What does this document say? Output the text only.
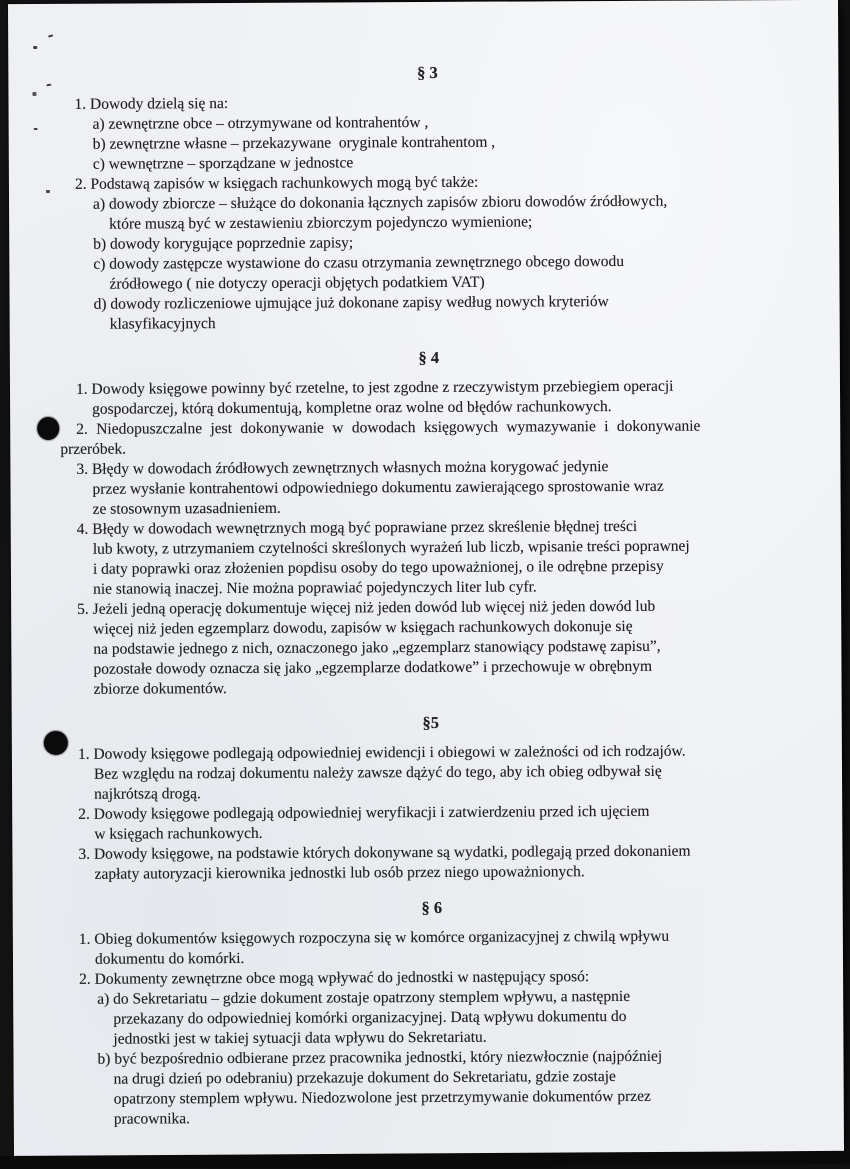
§ 3
1. Dowody dzielą się na:
a) zewnętrzne obce – otrzymywane od kontrahentów ,
b) zewnętrzne własne – przekazywane  oryginale kontrahentom ,
c) wewnętrzne – sporządzane w jednostce
2. Podstawą zapisów w księgach rachunkowych mogą być także:
a) dowody zbiorcze – służące do dokonania łącznych zapisów zbioru dowodów źródłowych,
które muszą być w zestawieniu zbiorczym pojedynczo wymienione;
b) dowody korygujące poprzednie zapisy;
c) dowody zastępcze wystawione do czasu otrzymania zewnętrznego obcego dowodu
źródłowego ( nie dotyczy operacji objętych podatkiem VAT)
d) dowody rozliczeniowe ujmujące już dokonane zapisy według nowych kryteriów
klasyfikacyjnych
§ 4
1. Dowody księgowe powinny być rzetelne, to jest zgodne z rzeczywistym przebiegiem operacji
gospodarczej, którą dokumentują, kompletne oraz wolne od błędów rachunkowych.
2. Niedopuszczalne jest dokonywanie w dowodach księgowych wymazywanie i dokonywanie
przeróbek.
3. Błędy w dowodach źródłowych zewnętrznych własnych można korygować jedynie
przez wysłanie kontrahentowi odpowiedniego dokumentu zawierającego sprostowanie wraz
ze stosownym uzasadnieniem.
4. Błędy w dowodach wewnętrznych mogą być poprawiane przez skreślenie błędnej treści
lub kwoty, z utrzymaniem czytelności skreślonych wyrażeń lub liczb, wpisanie treści poprawnej
i daty poprawki oraz złożenien popdisu osoby do tego upoważnionej, o ile odrębne przepisy
nie stanowią inaczej. Nie można poprawiać pojedynczych liter lub cyfr.
5. Jeżeli jedną operację dokumentuje więcej niż jeden dowód lub więcej niż jeden dowód lub
więcej niż jeden egzemplarz dowodu, zapisów w księgach rachunkowych dokonuje się
na podstawie jednego z nich, oznaczonego jako „egzemplarz stanowiący podstawę zapisu”,
pozostałe dowody oznacza się jako „egzemplarze dodatkowe” i przechowuje w obrębnym
zbiorze dokumentów.
§5
1. Dowody księgowe podlegają odpowiedniej ewidencji i obiegowi w zależności od ich rodzajów.
Bez względu na rodzaj dokumentu należy zawsze dążyć do tego, aby ich obieg odbywał się
najkrótszą drogą.
2. Dowody księgowe podlegają odpowiedniej weryfikacji i zatwierdzeniu przed ich ujęciem
w księgach rachunkowych.
3. Dowody księgowe, na podstawie których dokonywane są wydatki, podlegają przed dokonaniem
zapłaty autoryzacji kierownika jednostki lub osób przez niego upoważnionych.
§ 6
1. Obieg dokumentów księgowych rozpoczyna się w komórce organizacyjnej z chwilą wpływu
dokumentu do komórki.
2. Dokumenty zewnętrzne obce mogą wpływać do jednostki w następujący sposó:
a) do Sekretariatu – gdzie dokument zostaje opatrzony stemplem wpływu, a następnie
przekazany do odpowiedniej komórki organizacyjnej. Datą wpływu dokumentu do
jednostki jest w takiej sytuacji data wpływu do Sekretariatu.
b) być bezpośrednio odbierane przez pracownika jednostki, który niezwłocznie (najpóźniej
na drugi dzień po odebraniu) przekazuje dokument do Sekretariatu, gdzie zostaje
opatrzony stemplem wpływu. Niedozwolone jest przetrzymywanie dokumentów przez
pracownika.
